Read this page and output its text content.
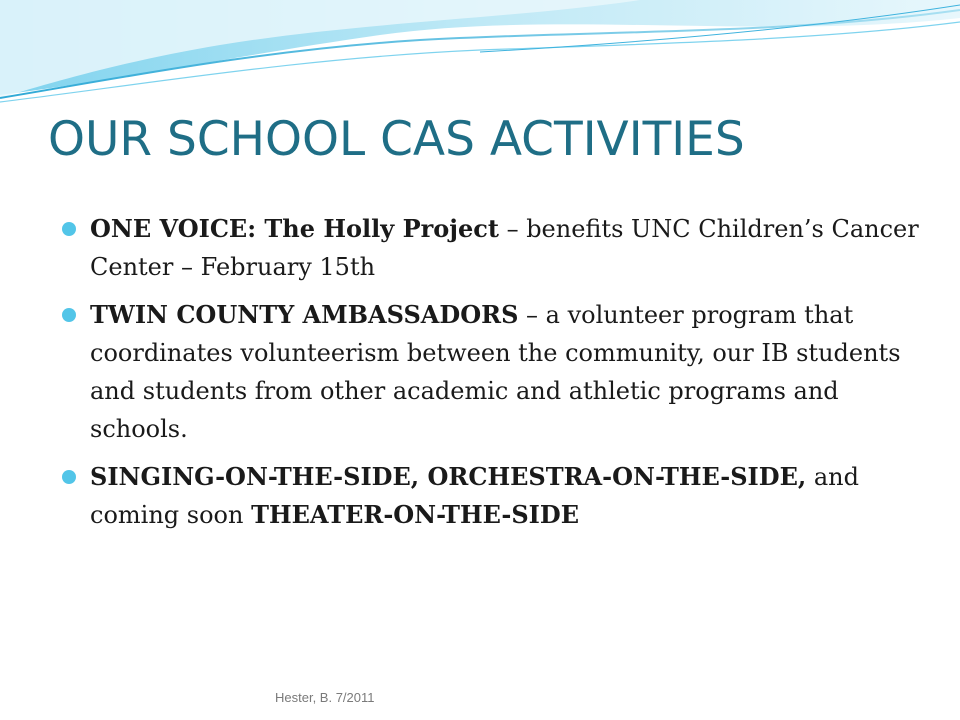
OUR SCHOOL CAS ACTIVITIES
ONE VOICE: The Holly Project – benefits UNC Children’s Cancer Center – February 15th
TWIN COUNTY AMBASSADORS – a volunteer program that coordinates volunteerism between the community, our IB students and students from other academic and athletic programs and schools.
SINGING-ON-THE-SIDE, ORCHESTRA-ON-THE-SIDE, and coming soon THEATER-ON-THE-SIDE
Hester, B. 7/2011
